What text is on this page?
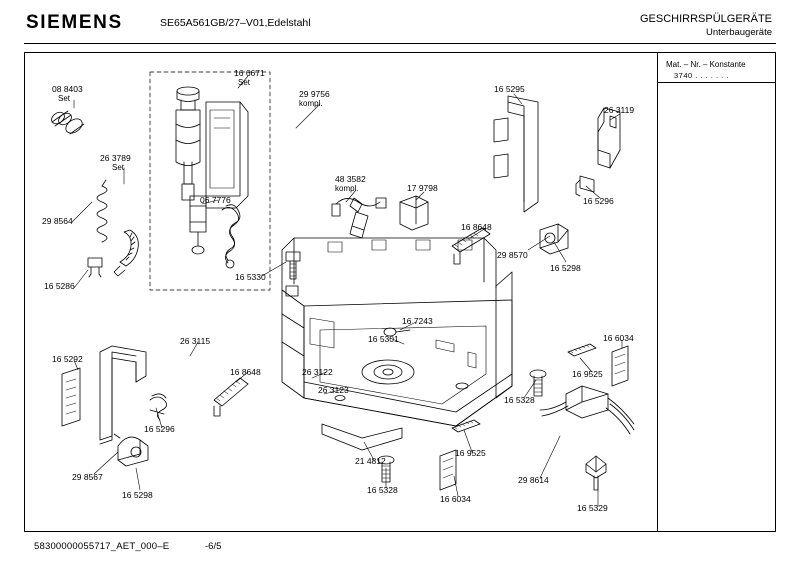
SIEMENS	SE65A561GB/27–V01,Edelstahl	GESCHIRRSPÜLGERÄTE
Unterbaugeräte
Mat. – Nr. – Konstante
3740 . . . . . . .
58300000055717_AET_000–E	-6/5
08 8403
Set
26 3789
Set
29 8564
16 5286
16 6671
Set
29 9756
kompl.
06 7776
16 5330
48 3582
kompl.	17 9798
16 5295
26 3119
16 5296
16 8648
29 8570
16 5298
16 7243
16 5301
26 3115
16 5292
16 8648	26 3122
26 3123
16 6034
16 9525
16 5328
16 5296
29 8567
16 5298
21 4812
16 9525
16 5328
16 6034
29 8614
16 5329
